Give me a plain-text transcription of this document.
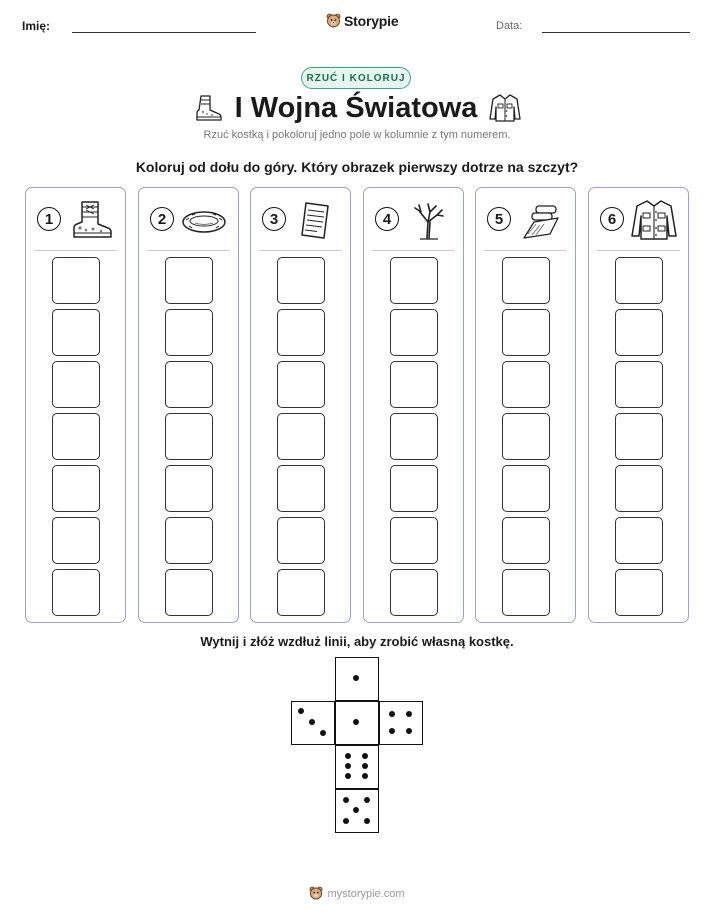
Imię:	Storypie	Data:
RZUĆ I KOLORUJ
I Wojna Światowa
Rzuć kostką i pokoloruj jedno pole w kolumnie z tym numerem.
Koloruj od dołu do góry. Który obrazek pierwszy dotrze na szczyt?
1	2	3	4	5	6
Wytnij i złóż wzdłuż linii, aby zrobić własną kostkę.
mystorypie.com
